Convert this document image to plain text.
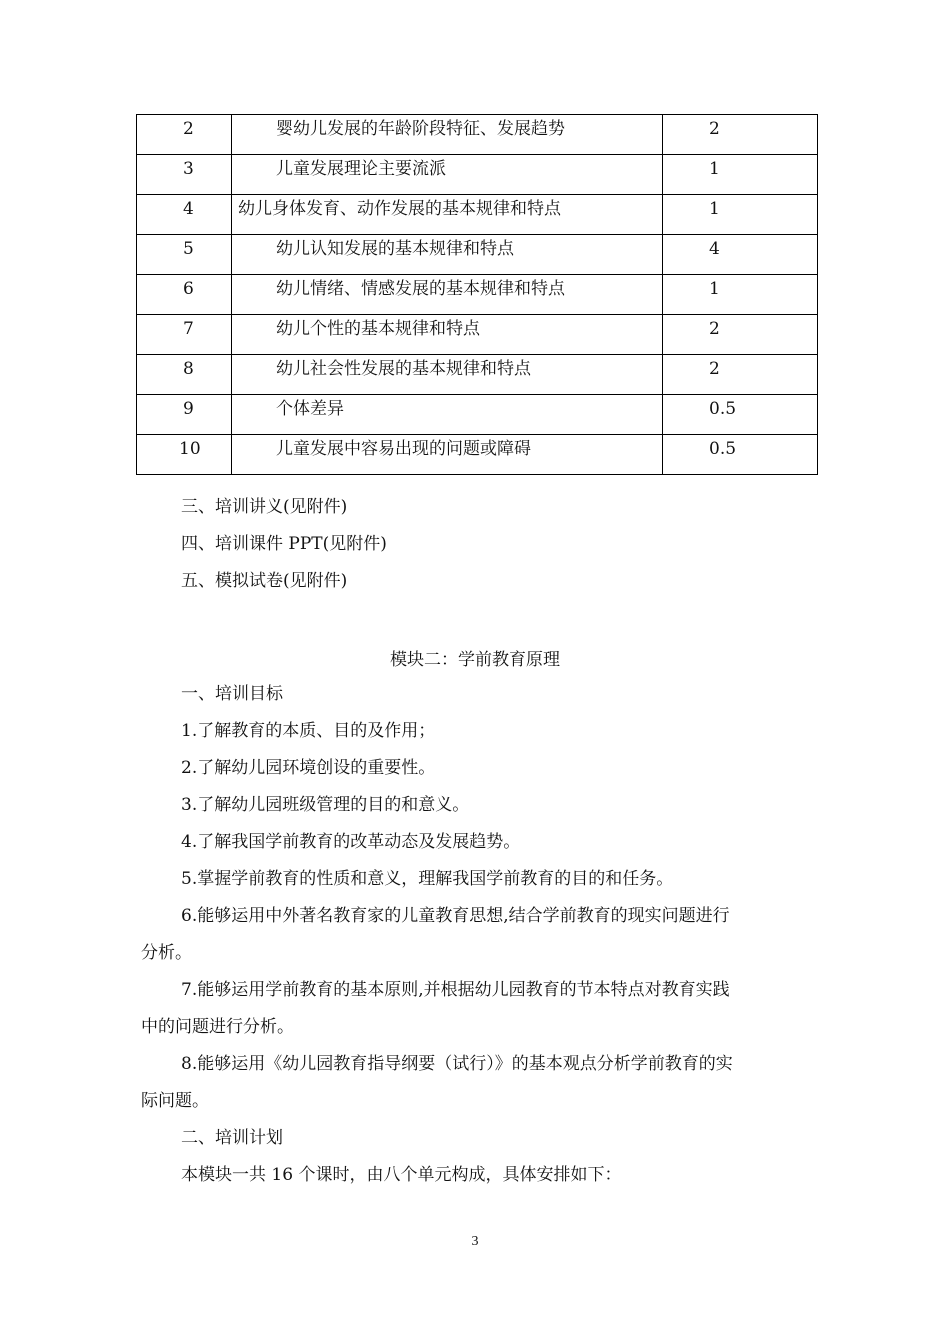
2	婴幼儿发展的年龄阶段特征、发展趋势	2
3	儿童发展理论主要流派	1
4	幼儿身体发育、动作发展的基本规律和特点	1
5	幼儿认知发展的基本规律和特点	4
6	幼儿情绪、情感发展的基本规律和特点	1
7	幼儿个性的基本规律和特点	2
8	幼儿社会性发展的基本规律和特点	2
9	个体差异	0.5
10	儿童发展中容易出现的问题或障碍	0.5
三、培训讲义(见附件)
四、培训课件 PPT(见附件)
五、模拟试卷(见附件)
模块二：学前教育原理
一、培训目标
1.了解教育的本质、目的及作用；
2.了解幼儿园环境创设的重要性。
3.了解幼儿园班级管理的目的和意义。
4.了解我国学前教育的改革动态及发展趋势。
5.掌握学前教育的性质和意义，理解我国学前教育的目的和任务。
6.能够运用中外著名教育家的儿童教育思想,结合学前教育的现实问题进行
分析。
7.能够运用学前教育的基本原则,并根据幼儿园教育的节本特点对教育实践
中的问题进行分析。
8.能够运用《幼儿园教育指导纲要（试行）》的基本观点分析学前教育的实
际问题。
二、培训计划
本模块一共 16 个课时，由八个单元构成，具体安排如下：
3
